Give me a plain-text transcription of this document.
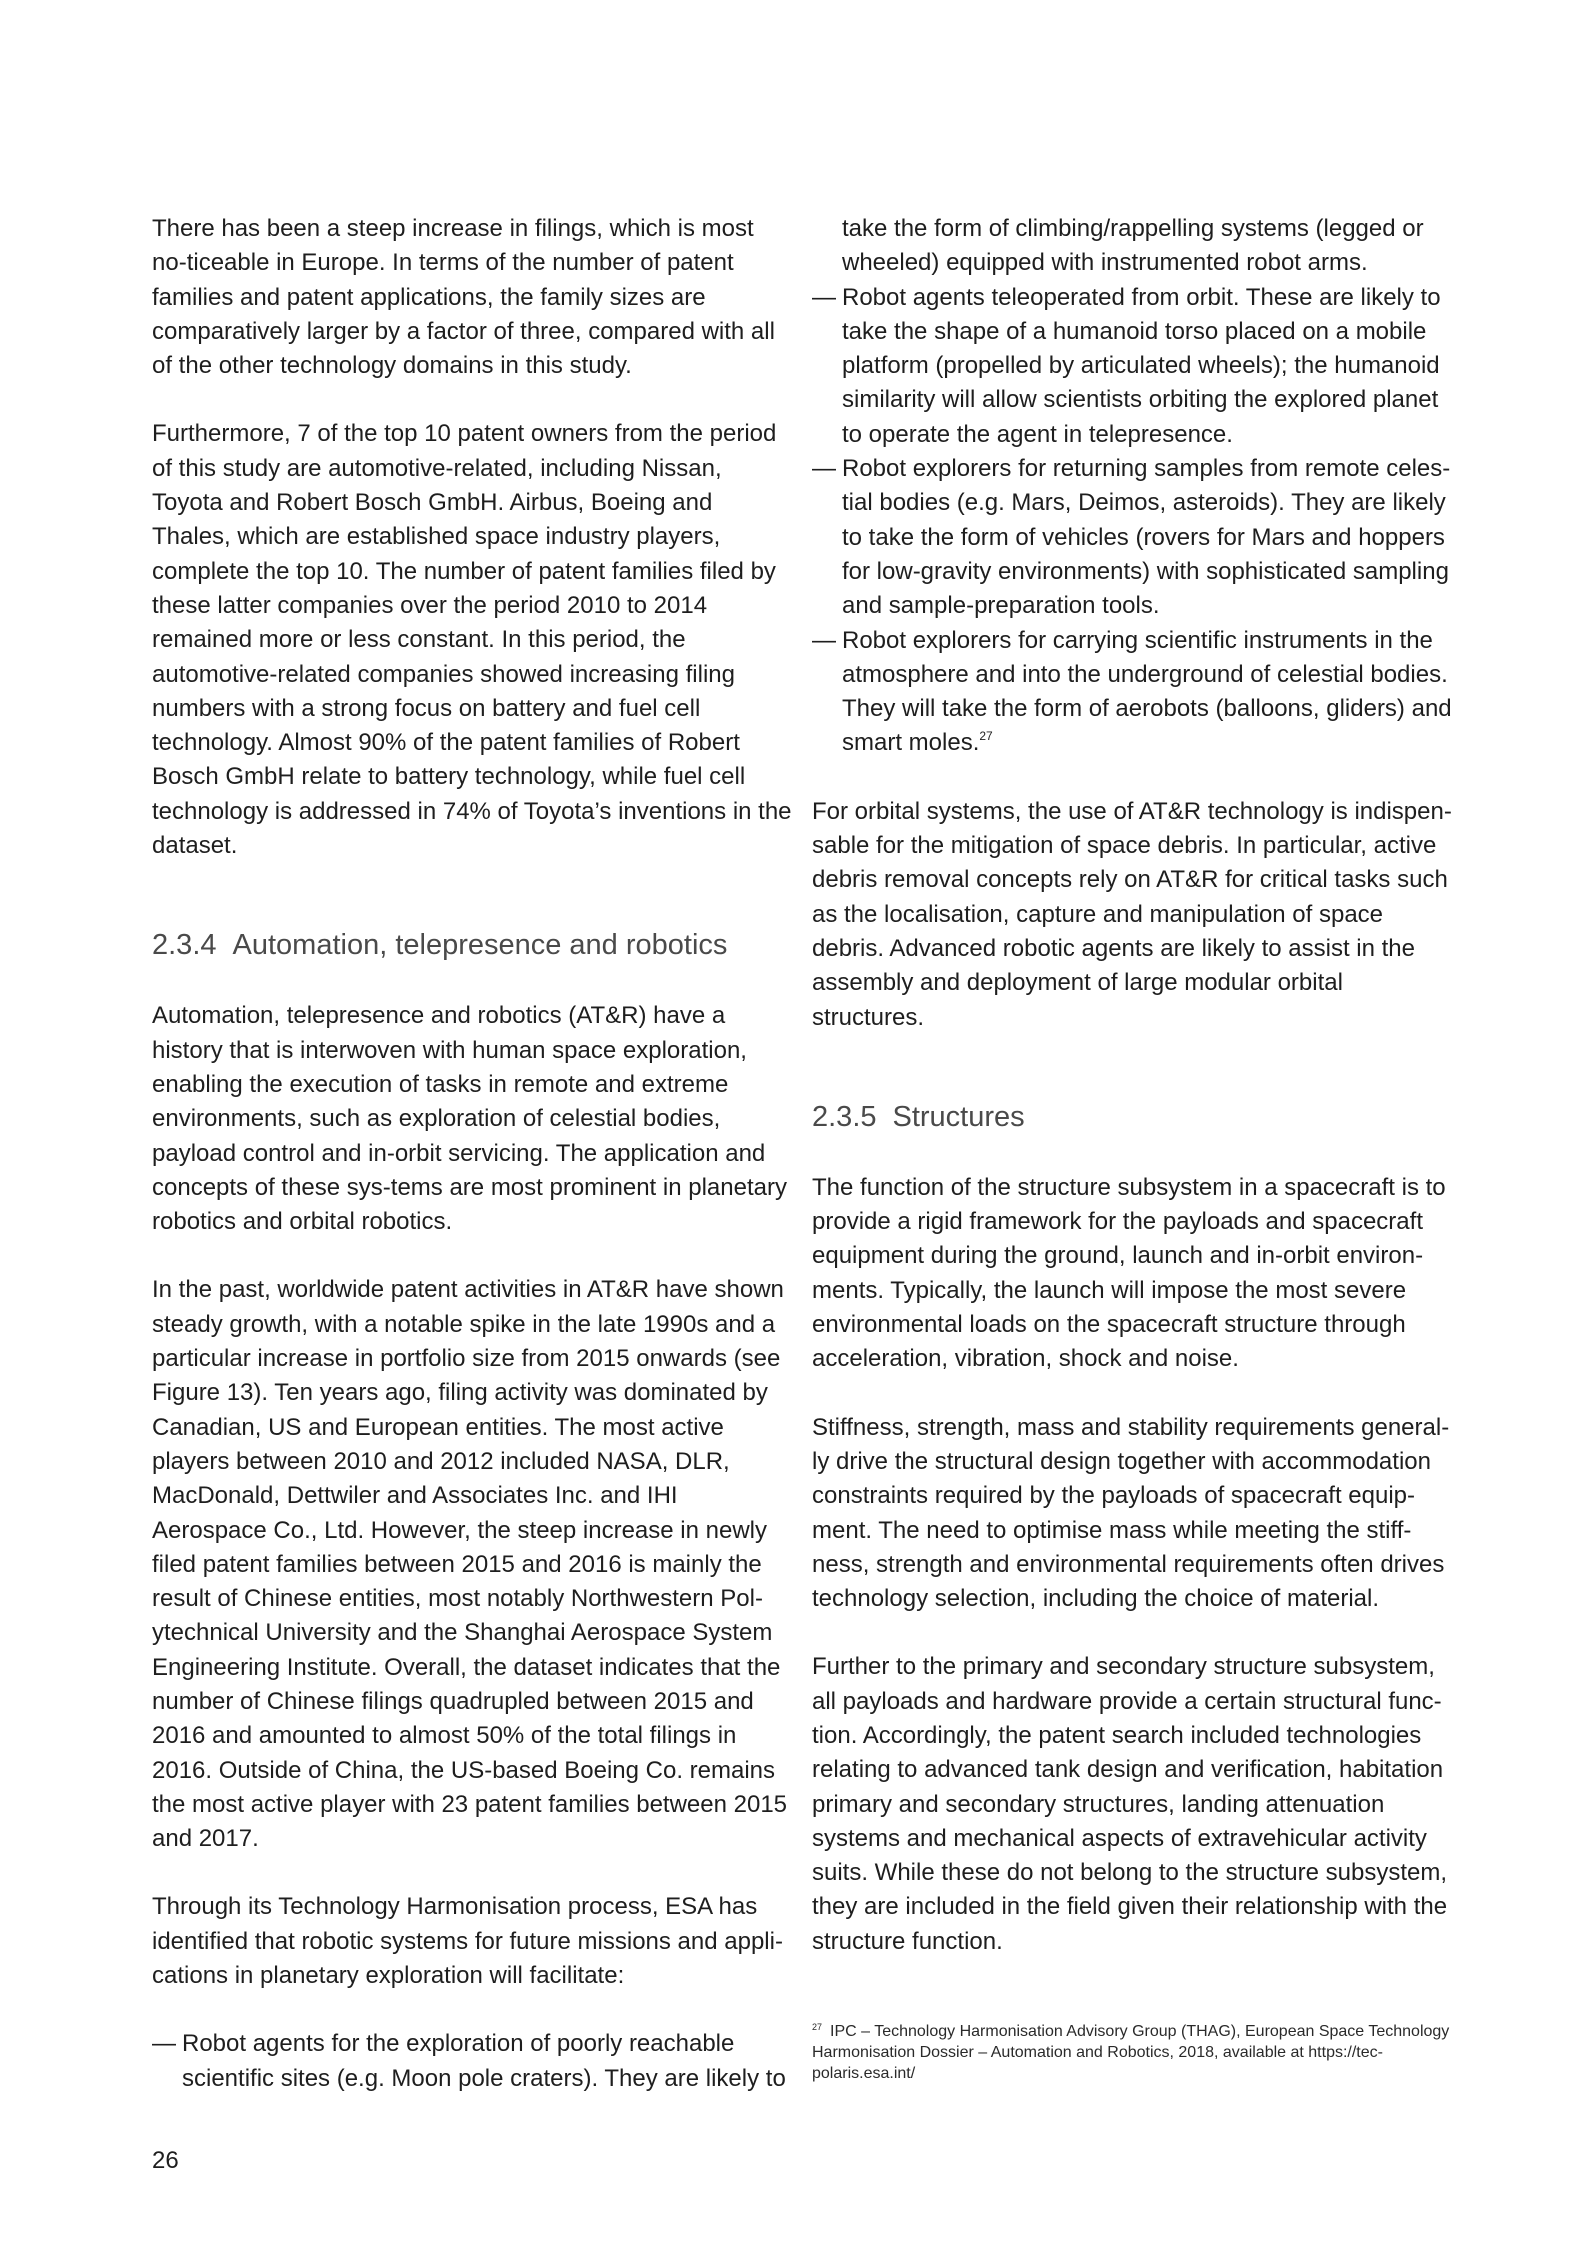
There has been a steep increase in filings, which is most no-ticeable in Europe. In terms of the number of patent families and patent applications, the family sizes are comparatively larger by a factor of three, compared with all of the other technology domains in this study.

Furthermore, 7 of the top 10 patent owners from the period of this study are automotive-related, including Nissan, Toyota and Robert Bosch GmbH. Airbus, Boeing and Thales, which are established space industry players, complete the top 10. The number of patent families filed by these latter companies over the period 2010 to 2014 remained more or less constant. In this period, the automotive-related companies showed increasing filing numbers with a strong focus on battery and fuel cell technology. Almost 90% of the patent families of Robert Bosch GmbH relate to battery technology, while fuel cell technology is addressed in 74% of Toyota’s inventions in the dataset.

2.3.4 Automation, telepresence and robotics

Automation, telepresence and robotics (AT&R) have a history that is interwoven with human space exploration, enabling the execution of tasks in remote and extreme environments, such as exploration of celestial bodies, payload control and in-orbit servicing. The application and concepts of these sys-tems are most prominent in planetary robotics and orbital robotics.

In the past, worldwide patent activities in AT&R have shown steady growth, with a notable spike in the late 1990s and a particular increase in portfolio size from 2015 onwards (see Figure 13). Ten years ago, filing activity was dominated by Canadian, US and European entities. The most active players between 2010 and 2012 included NASA, DLR, MacDonald, Dettwiler and Associates Inc. and IHI Aerospace Co., Ltd. However, the steep increase in newly filed patent families between 2015 and 2016 is mainly the result of Chinese entities, most notably Northwestern Pol-ytechnical University and the Shanghai Aerospace System Engineering Institute. Overall, the dataset indicates that the number of Chinese filings quadrupled between 2015 and 2016 and amounted to almost 50% of the total filings in 2016. Outside of China, the US-based Boeing Co. remains the most active player with 23 patent families between 2015 and 2017.

Through its Technology Harmonisation process, ESA has identified that robotic systems for future missions and appli-cations in planetary exploration will facilitate:

— Robot agents for the exploration of poorly reachable scientific sites (e.g. Moon pole craters). They are likely to

take the form of climbing/rappelling systems (legged or wheeled) equipped with instrumented robot arms.

— Robot agents teleoperated from orbit. These are likely to take the shape of a humanoid torso placed on a mobile platform (propelled by articulated wheels); the humanoid similarity will allow scientists orbiting the explored planet to operate the agent in telepresence.
— Robot explorers for returning samples from remote celes-tial bodies (e.g. Mars, Deimos, asteroids). They are likely to take the form of vehicles (rovers for Mars and hoppers for low-gravity environments) with sophisticated sampling and sample-preparation tools.
— Robot explorers for carrying scientific instruments in the atmosphere and into the underground of celestial bodies. They will take the form of aerobots (balloons, gliders) and smart moles.$^{27}$

For orbital systems, the use of AT&R technology is indispen-sable for the mitigation of space debris. In particular, active debris removal concepts rely on AT&R for critical tasks such as the localisation, capture and manipulation of space debris. Advanced robotic agents are likely to assist in the assembly and deployment of large modular orbital structures.

2.3.5 Structures

The function of the structure subsystem in a spacecraft is to provide a rigid framework for the payloads and spacecraft equipment during the ground, launch and in-orbit environ-ments. Typically, the launch will impose the most severe environmental loads on the spacecraft structure through acceleration, vibration, shock and noise.

Stiffness, strength, mass and stability requirements general-ly drive the structural design together with accommodation constraints required by the payloads of spacecraft equip-ment. The need to optimise mass while meeting the stiff-ness, strength and environmental requirements often drives technology selection, including the choice of material.

Further to the primary and secondary structure subsystem, all payloads and hardware provide a certain structural func-tion. Accordingly, the patent search included technologies relating to advanced tank design and verification, habitation primary and secondary structures, landing attenuation systems and mechanical aspects of extravehicular activity suits. While these do not belong to the structure subsystem, they are included in the field given their relationship with the structure function.

$^{27}$ IPC – Technology Harmonisation Advisory Group (THAG), European Space Technology Harmonisation Dossier – Automation and Robotics, 2018, available at https://tec-polaris.esa.int/
26
